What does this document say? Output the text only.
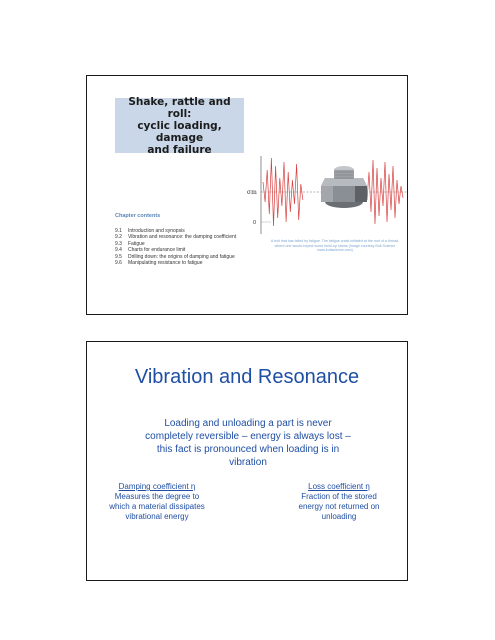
Shake, rattle and roll:
cyclic loading, damage
and failure
σm
0
A bolt that has failed by fatigue. The fatigue crack initiated at the root of a thread, where one would expect some build-up stress (Image courtesy Bolt Science www.boltscience.com)
Chapter contents
9.1	Introduction and synopsis
9.2	Vibration and resonance: the damping coefficient
9.3	Fatigue
9.4	Charts for endurance limit
9.5	Drilling down: the origins of damping and fatigue
9.6	Manipulating resistance to fatigue
Vibration and Resonance
Loading and unloading a part is never completely reversible – energy is always lost – this fact is pronounced when loading is in vibration
Damping coefficient η
Measures the degree to which a material dissipates vibrational energy
Loss coefficient η
Fraction of the stored energy not returned on unloading
